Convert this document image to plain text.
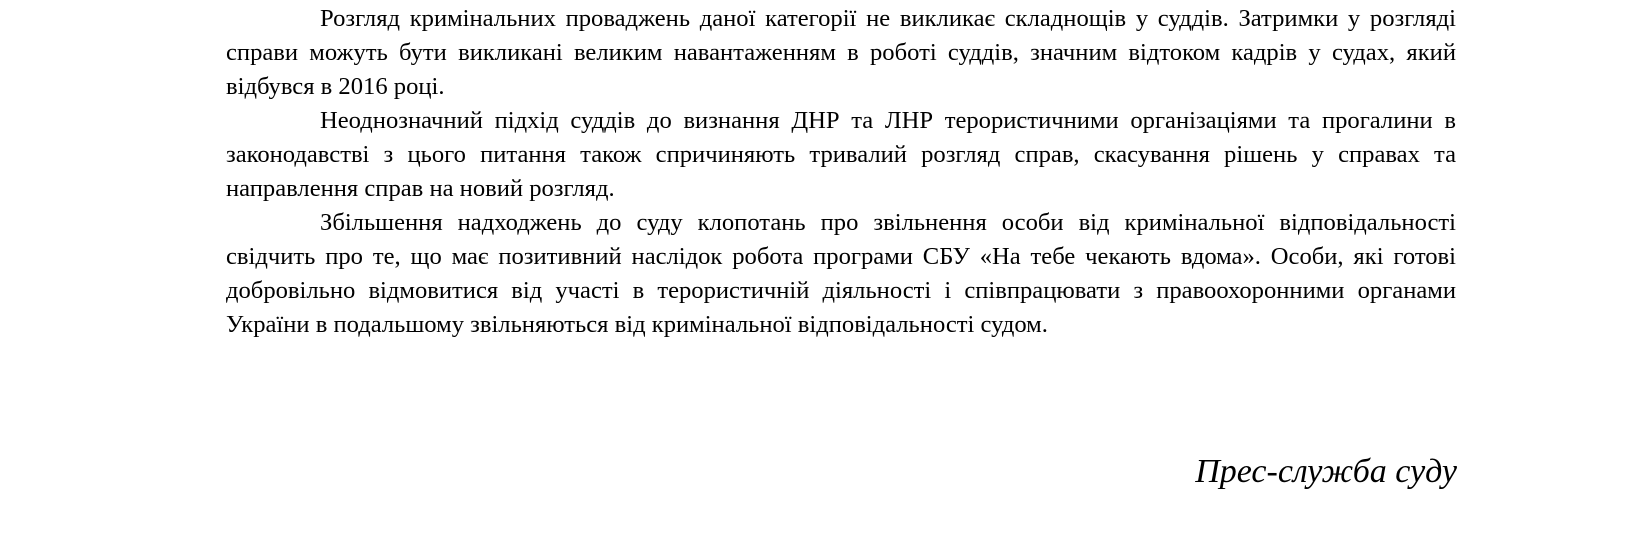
Розгляд кримінальних проваджень даної категорії не викликає складнощів у суддів. Затримки у розгляді справи можуть бути викликані великим навантаженням в роботі суддів, значним відтоком кадрів у судах, який відбувся в 2016 році.

Неоднозначний підхід суддів до визнання ДНР та ЛНР терористичними організаціями та прогалини в законодавстві з цього питання також спричиняють тривалий розгляд справ, скасування рішень у справах та направлення справ на новий розгляд.

Збільшення надходжень до суду клопотань про звільнення особи від кримінальної відповідальності свідчить про те, що має позитивний наслідок робота програми СБУ «На тебе чекають вдома». Особи, які готові добровільно відмовитися від участі в терористичній діяльності і співпрацювати з правоохоронними органами України в подальшому звільняються від кримінальної відповідальності судом.

Прес-служба суду
